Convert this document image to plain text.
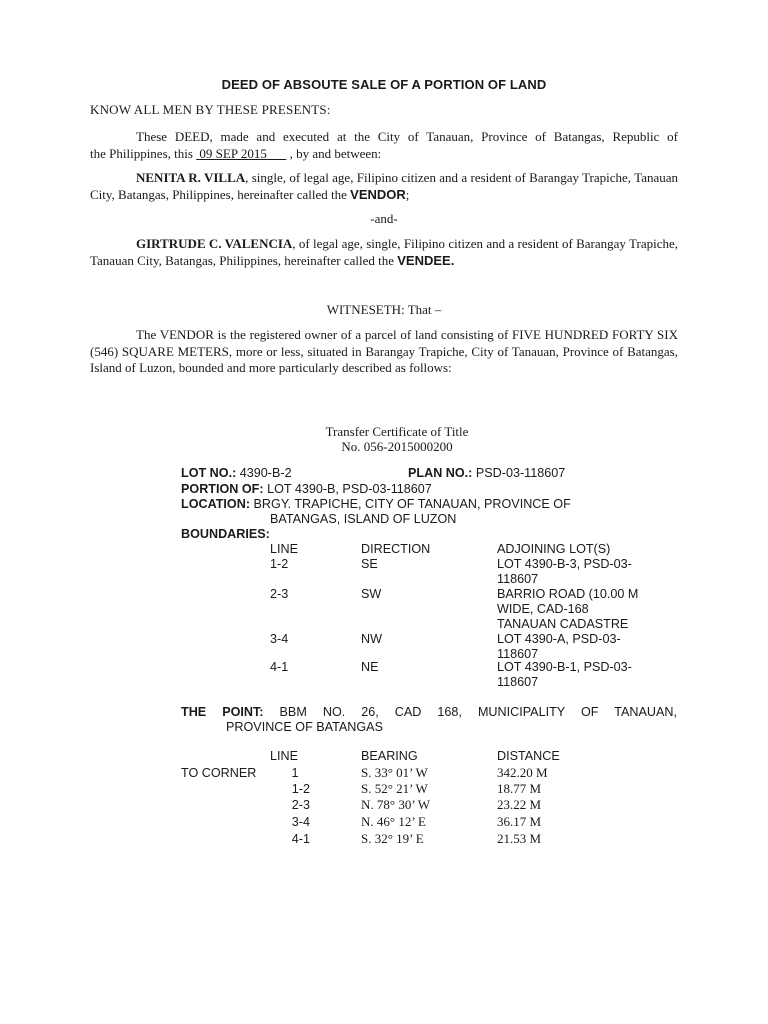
DEED OF ABSOUTE SALE OF A PORTION OF LAND
KNOW ALL MEN BY THESE PRESENTS:
These DEED, made and executed at the City of Tanauan, Province of Batangas, Republic of
the Philippines, this 09 SEP 2015 , by and between:
NENITA R. VILLA, single, of legal age, Filipino citizen and a resident of Barangay Trapiche, Tanauan City, Batangas, Philippines, hereinafter called the VENDOR;
-and-
GIRTRUDE C. VALENCIA, of legal age, single, Filipino citizen and a resident of Barangay Trapiche, Tanauan City, Batangas, Philippines, hereinafter called the VENDEE.
WITNESETH: That –
The VENDOR is the registered owner of a parcel of land consisting of FIVE HUNDRED FORTY SIX (546) SQUARE METERS, more or less, situated in Barangay Trapiche, City of Tanauan, Province of Batangas, Island of Luzon, bounded and more particularly described as follows:
Transfer Certificate of Title
No. 056-2015000200
LOT NO.: 4390-B-2	PLAN NO.: PSD-03-118607
PORTION OF: LOT 4390-B, PSD-03-118607
LOCATION: BRGY. TRAPICHE, CITY OF TANAUAN, PROVINCE OF
BATANGAS, ISLAND OF LUZON
BOUNDARIES:
LINE	DIRECTION	ADJOINING LOT(S)
1-2	SE	LOT 4390-B-3, PSD-03-
118607
2-3	SW	BARRIO ROAD (10.00 M
WIDE, CAD-168
TANAUAN CADASTRE
3-4	NW	LOT 4390-A, PSD-03-
118607
4-1	NE	LOT 4390-B-1, PSD-03-
118607
THE POINT: BBM NO. 26, CAD 168, MUNICIPALITY OF TANAUAN,
PROVINCE OF BATANGAS
LINE	BEARING	DISTANCE
TO CORNER	1	S. 33° 01’ W	342.20 M
1-2	S. 52° 21’ W	18.77 M
2-3	N. 78° 30’ W	23.22 M
3-4	N. 46° 12’ E	36.17 M
4-1	S. 32° 19’ E	21.53 M
